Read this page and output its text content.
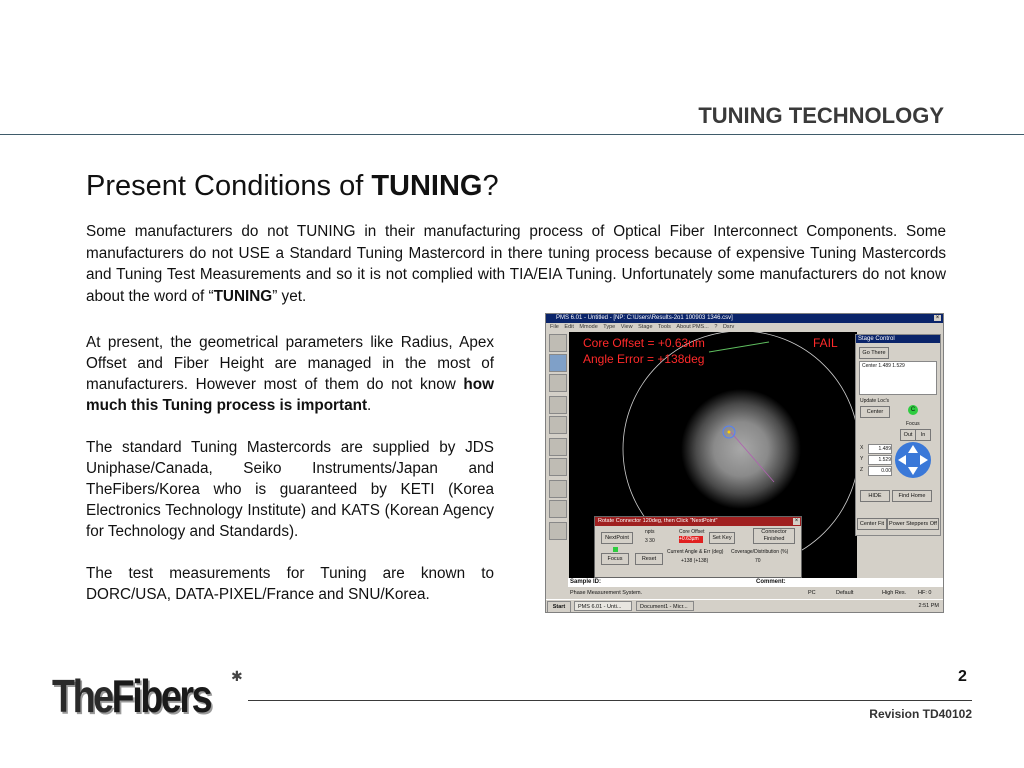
TUNING TECHNOLOGY
Present Conditions of TUNING?
Some manufacturers do not TUNING in their manufacturing process of Optical Fiber Interconnect Components. Some manufacturers do not USE a Standard Tuning Mastercord in there tuning process because of expensive Tuning Mastercords and Tuning Test Measurements and so it is not complied with TIA/EIA Tuning. Unfortunately some manufacturers do not know about the word of “TUNING” yet.

At present, the geometrical parameters like Radius, Apex Offset and Fiber Height are managed in the most of manufacturers. However most of them do not know how much this Tuning process is important.

The standard Tuning Mastercords are supplied by JDS Uniphase/Canada, Seiko Instruments/Japan and TheFibers/Korea who is guaranteed by KETI (Korea Electronics Technology Institute) and KATS (Korean Agency for Technology and Standards).

The test measurements for Tuning are known to DORC/USA, DATA-PIXEL/France and SNU/Korea.

PMS 6.01 - Untitled - [NP: C:\Users\Results-2o1 100903 1346.csv]	×
File Edit Mmode Type View Stage Tools About PMS... ? Dsrv
Core Offset = +0.63um
Angle Error = +138deg
FAIL	Stage Control
Go There
Center 1.489 1.529
Update Loc's
Center	C
Focus
Out	In
X	1.489
Y	1.529
Z	0.00
HIDE	Find Home
Center Fit Power Steppers Off
Rotate Connector 120deg, then Click "NextPoint"	×
NextPoint
npts
3 30
Core Offset
+0.63µm	Set Key
Connector Finished
Focus	Reset
Current Angle & Err (deg)
+138 (+138)
Coverage/Distribution (%)
70
Sample ID:	Comment:
Phase Measurement System.	PC	Default	High Res. HF: 0
Start	PMS 6.01 - Unti...	Document1 - Micr...	2:51 PM
TheFibers ✱	2
Revision TD40102
